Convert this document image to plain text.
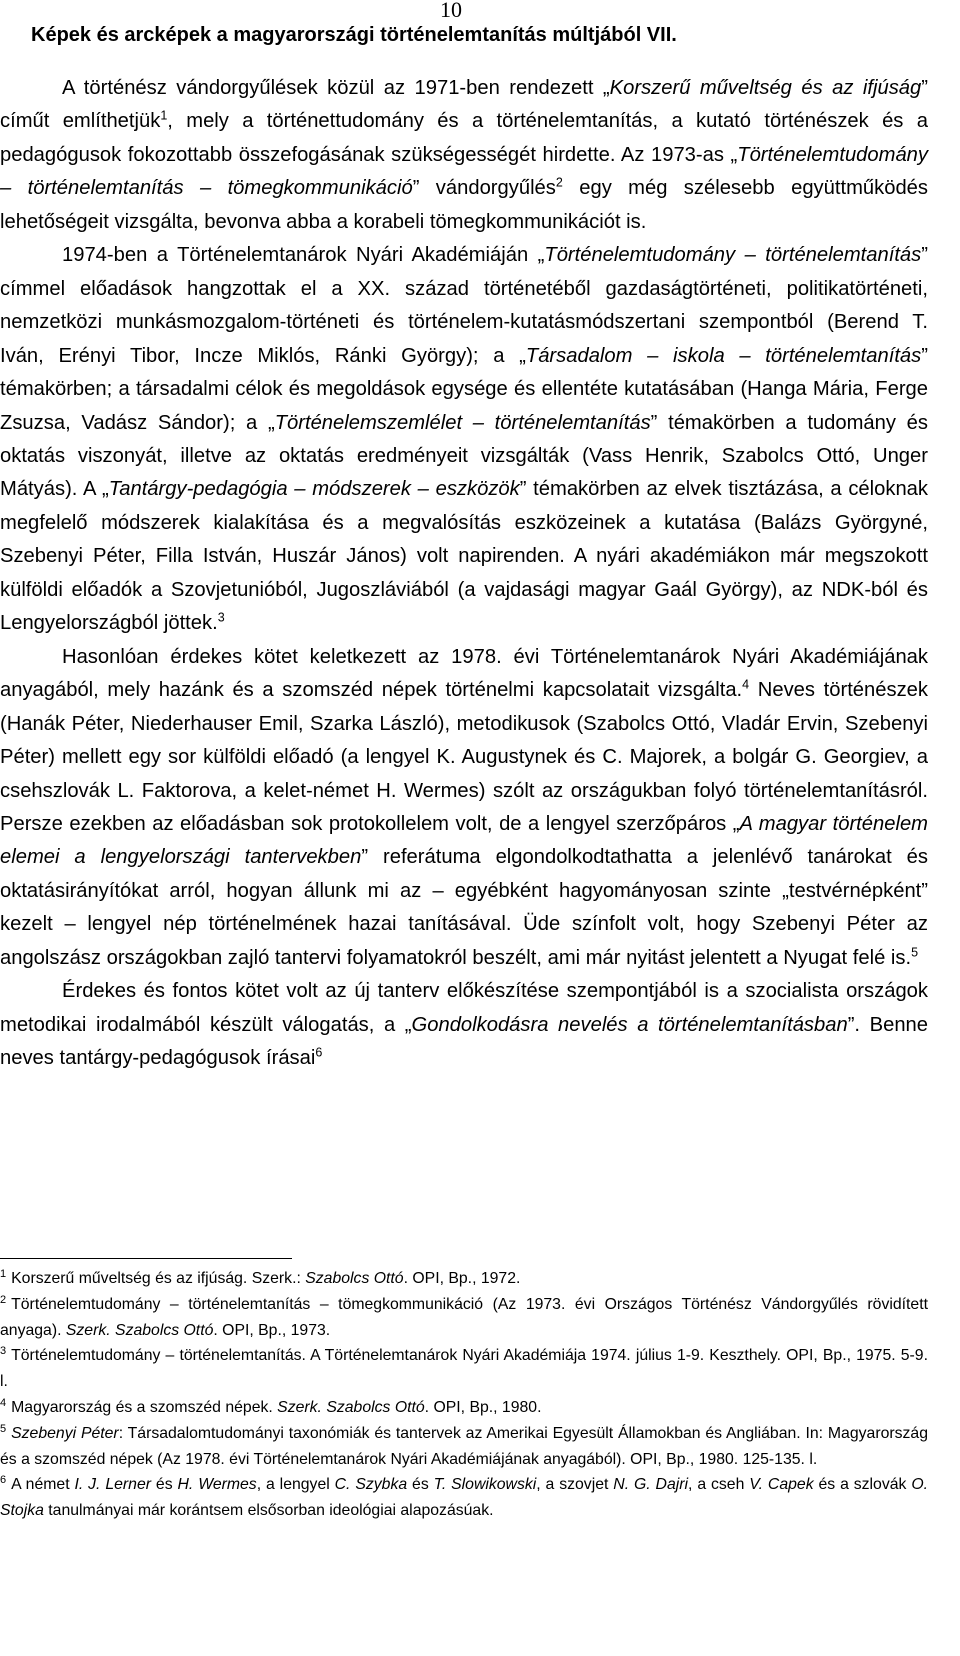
10
Képek és arcképek a magyarországi történelemtanítás múltjából VII.

A történész vándorgyűlések közül az 1971-ben rendezett „Korszerű műveltség és az ifjúság” címűt említhetjük$^1$, mely a történettudomány és a történelemtanítás, a kutató történészek és a pedagógusok fokozottabb összefogásának szükségességét hirdette. Az 1973-as „Történelemtudomány – történelemtanítás – tömegkommunikáció” vándorgyűlés$^2$ egy még szélesebb együttműködés lehetőségeit vizsgálta, bevonva abba a korabeli tömegkommunikációt is.

1974-ben a Történelemtanárok Nyári Akadémiáján „Történelemtudomány – történelemtanítás” címmel előadások hangzottak el a XX. század történetéből gazdaságtörténeti, politikatörténeti, nemzetközi munkásmozgalom-történeti és történelem-kutatásmódszertani szempontból (Berend T. Iván, Erényi Tibor, Incze Miklós, Ránki György); a „Társadalom – iskola – történelemtanítás” témakörben; a társadalmi célok és megoldások egysége és ellentéte kutatásában (Hanga Mária, Ferge Zsuzsa, Vadász Sándor); a „Történelemszemlélet – történelemtanítás” témakörben a tudomány és oktatás viszonyát, illetve az oktatás eredményeit vizsgálták (Vass Henrik, Szabolcs Ottó, Unger Mátyás). A „Tantárgy-pedagógia – módszerek – eszközök” témakörben az elvek tisztázása, a céloknak megfelelő módszerek kialakítása és a megvalósítás eszközeinek a kutatása (Balázs Györgyné, Szebenyi Péter, Filla István, Huszár János) volt napirenden. A nyári akadémiákon már megszokott külföldi előadók a Szovjetunióból, Jugoszláviából (a vajdasági magyar Gaál György), az NDK-ból és Lengyelországból jöttek.$^3$

Hasonlóan érdekes kötet keletkezett az 1978. évi Történelemtanárok Nyári Akadémiájának anyagából, mely hazánk és a szomszéd népek történelmi kapcsolatait vizsgálta.$^4$ Neves történészek (Hanák Péter, Niederhauser Emil, Szarka László), metodikusok (Szabolcs Ottó, Vladár Ervin, Szebenyi Péter) mellett egy sor külföldi előadó (a lengyel K. Augustynek és C. Majorek, a bolgár G. Georgiev, a csehszlovák L. Faktorova, a kelet-német H. Wermes) szólt az országukban folyó történelemtanításról. Persze ezekben az előadásban sok protokollelem volt, de a lengyel szerzőpáros „A magyar történelem elemei a lengyelországi tantervekben” referátuma elgondolkodtathatta a jelenlévő tanárokat és oktatásirányítókat arról, hogyan állunk mi az – egyébként hagyományosan szinte „testvérnépként” kezelt – lengyel nép történelmének hazai tanításával. Üde színfolt volt, hogy Szebenyi Péter az angolszász országokban zajló tantervi folyamatokról beszélt, ami már nyitást jelentett a Nyugat felé is.$^5$

Érdekes és fontos kötet volt az új tanterv előkészítése szempontjából is a szocialista országok metodikai irodalmából készült válogatás, a „Gondolkodásra nevelés a történelemtanításban”. Benne neves tantárgy-pedagógusok írásai$^6$

$^1$ Korszerű műveltség és az ifjúság. Szerk.: Szabolcs Ottó. OPI, Bp., 1972.

$^2$ Történelemtudomány – történelemtanítás – tömegkommunikáció (Az 1973. évi Országos Történész Vándorgyűlés rövidített anyaga). Szerk. Szabolcs Ottó. OPI, Bp., 1973.

$^3$ Történelemtudomány – történelemtanítás. A Történelemtanárok Nyári Akadémiája 1974. július 1-9. Keszthely. OPI, Bp., 1975. 5-9. l.

$^4$ Magyarország és a szomszéd népek. Szerk. Szabolcs Ottó. OPI, Bp., 1980.

$^5$ Szebenyi Péter: Társadalomtudományi taxonómiák és tantervek az Amerikai Egyesült Államokban és Angliában. In: Magyarország és a szomszéd népek (Az 1978. évi Történelemtanárok Nyári Akadémiájának anyagából). OPI, Bp., 1980. 125-135. l.

$^6$ A német I. J. Lerner és H. Wermes, a lengyel C. Szybka és T. Slowikowski, a szovjet N. G. Dajri, a cseh V. Capek és a szlovák O. Stojka tanulmányai már korántsem elsősorban ideológiai alapozásúak.
